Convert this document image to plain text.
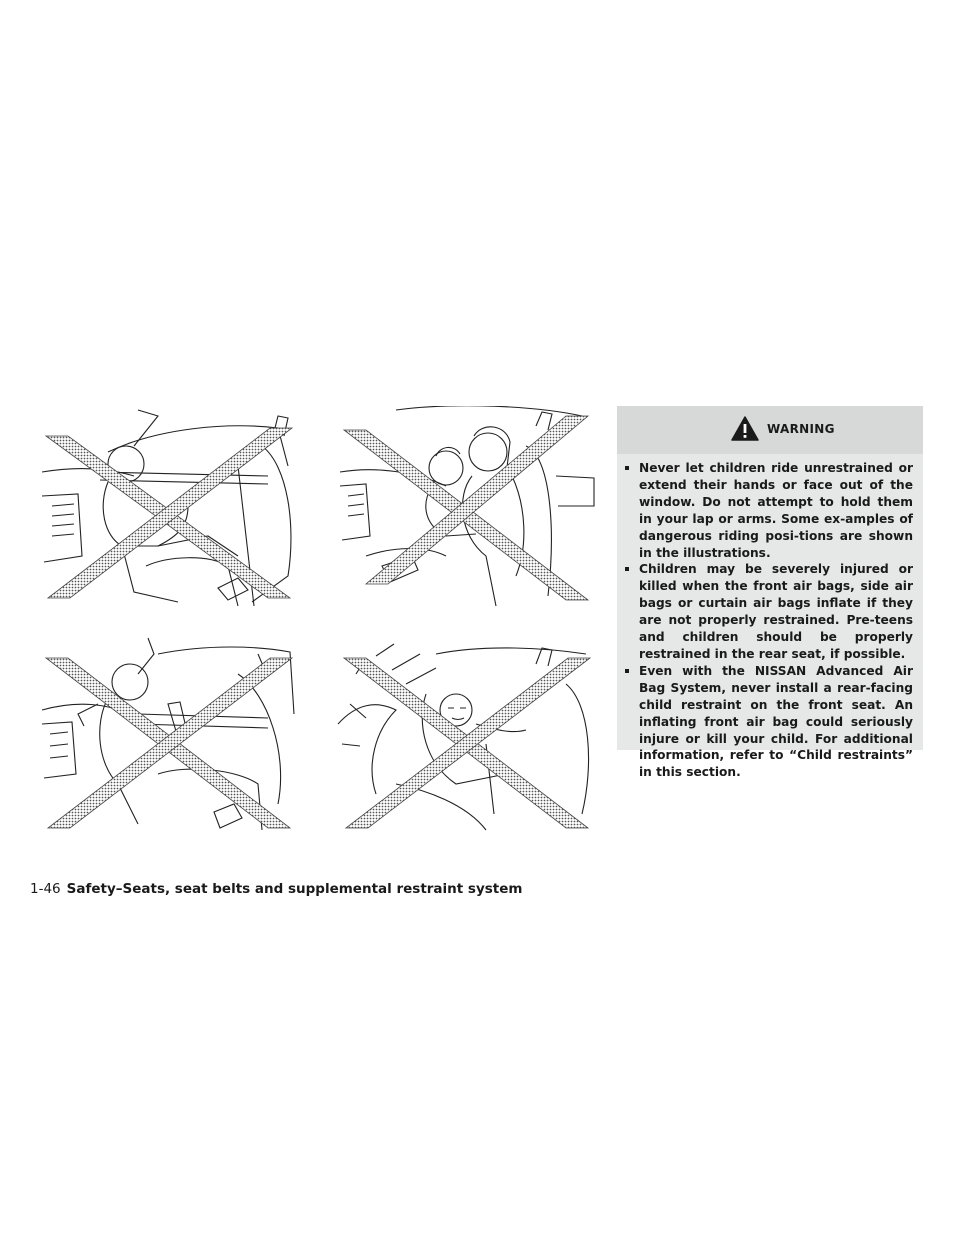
WARNING
Never let children ride unrestrained or extend their hands or face out of the window. Do not attempt to hold them in your lap or arms. Some ex-amples of dangerous riding posi-tions are shown in the illustrations.
Children may be severely injured or killed when the front air bags, side air bags or curtain air bags inflate if they are not properly restrained. Pre-teens and children should be properly restrained in the rear seat, if possible.
Even with the NISSAN Advanced Air Bag System, never install a rear-facing child restraint on the front seat. An inflating front air bag could seriously injure or kill your child. For additional information, refer to “Child restraints” in this section.
1-46 Safety–Seats, seat belts and supplemental restraint system
